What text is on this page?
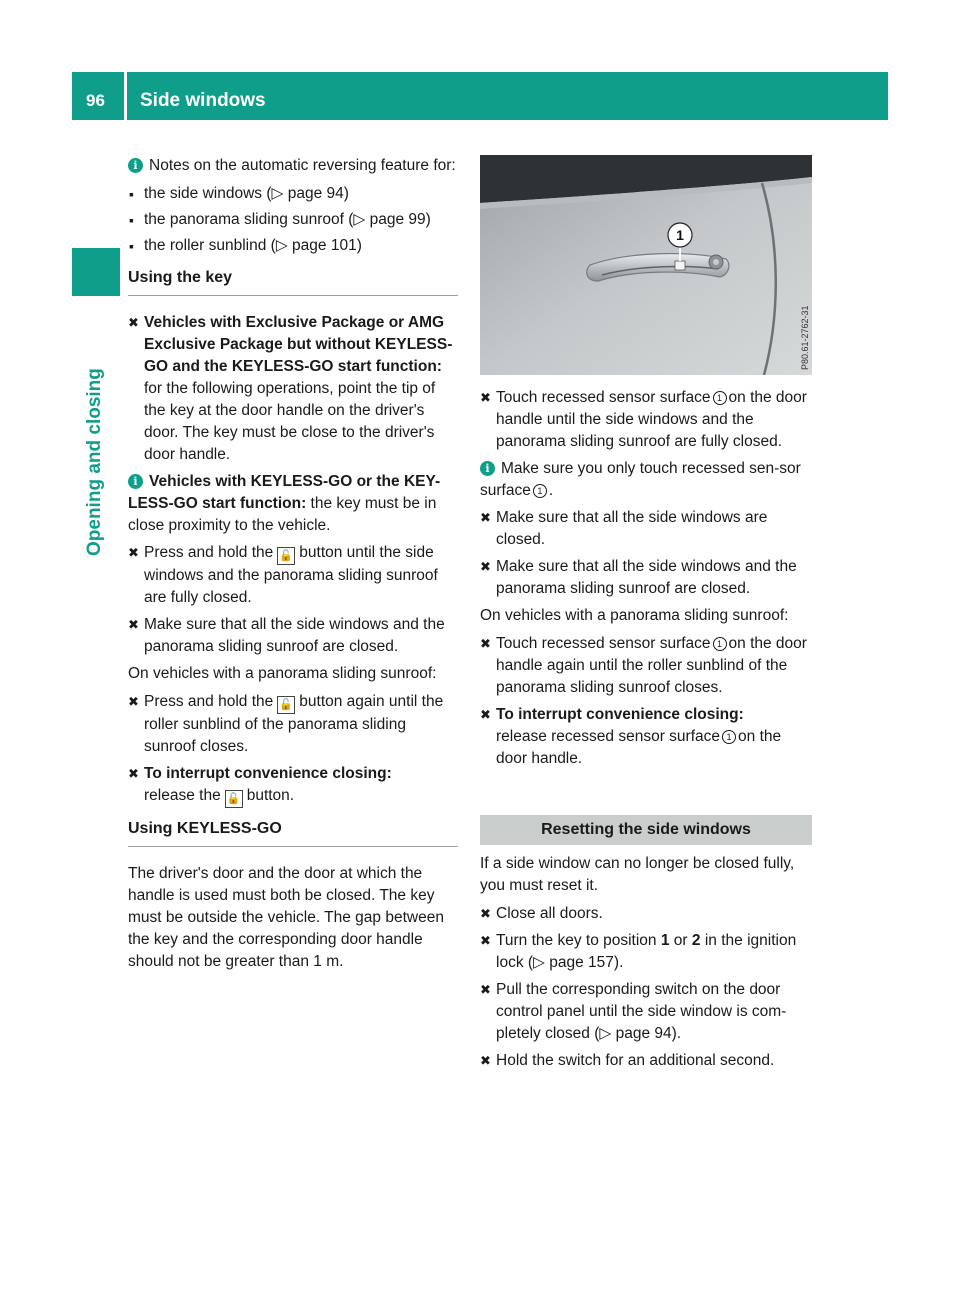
96 Side windows
Opening and closing

i Notes on the automatic reversing feature for:

▪ the side windows (▷ page 94)
▪ the panorama sliding sunroof (▷ page 99)
▪ the roller sunblind (▷ page 101)
Using the key
✖ Vehicles with Exclusive Package or AMG Exclusive Package but without KEYLESS-GO and the KEYLESS-GO start function: for the following operations, point the tip of the key at the door handle on the driver's door. The key must be close to the driver's door handle.
i Vehicles with KEYLESS-GO or the KEY-LESS-GO start function: the key must be in close proximity to the vehicle.
✖ Press and hold the 🔓 button until the side windows and the panorama sliding sunroof are fully closed.
✖ Make sure that all the side windows and the panorama sliding sunroof are closed.

On vehicles with a panorama sliding sunroof:

✖ Press and hold the 🔓 button again until the roller sunblind of the panorama sliding sunroof closes.
✖ To interrupt convenience closing:
release the 🔓 button.
Using KEYLESS-GO

The driver's door and the door at which the handle is used must both be closed. The key must be outside the vehicle. The gap between the key and the corresponding door handle should not be greater than 1 m.

1
P80.61-2762-31
✖ Touch recessed sensor surface 1 on the door handle until the side windows and the panorama sliding sunroof are fully closed.
i Make sure you only touch recessed sen-sor surface 1 .
✖ Make sure that all the side windows are closed.
✖ Make sure that all the side windows and the panorama sliding sunroof are closed.

On vehicles with a panorama sliding sunroof:

✖ Touch recessed sensor surface 1 on the door handle again until the roller sunblind of the panorama sliding sunroof closes.
✖ To interrupt convenience closing:
release recessed sensor surface 1 on the door handle.
Resetting the side windows

If a side window can no longer be closed fully, you must reset it.

✖ Close all doors.
✖ Turn the key to position 1 or 2 in the ignition lock (▷ page 157).
✖ Pull the corresponding switch on the door control panel until the side window is com-pletely closed (▷ page 94).
✖ Hold the switch for an additional second.
